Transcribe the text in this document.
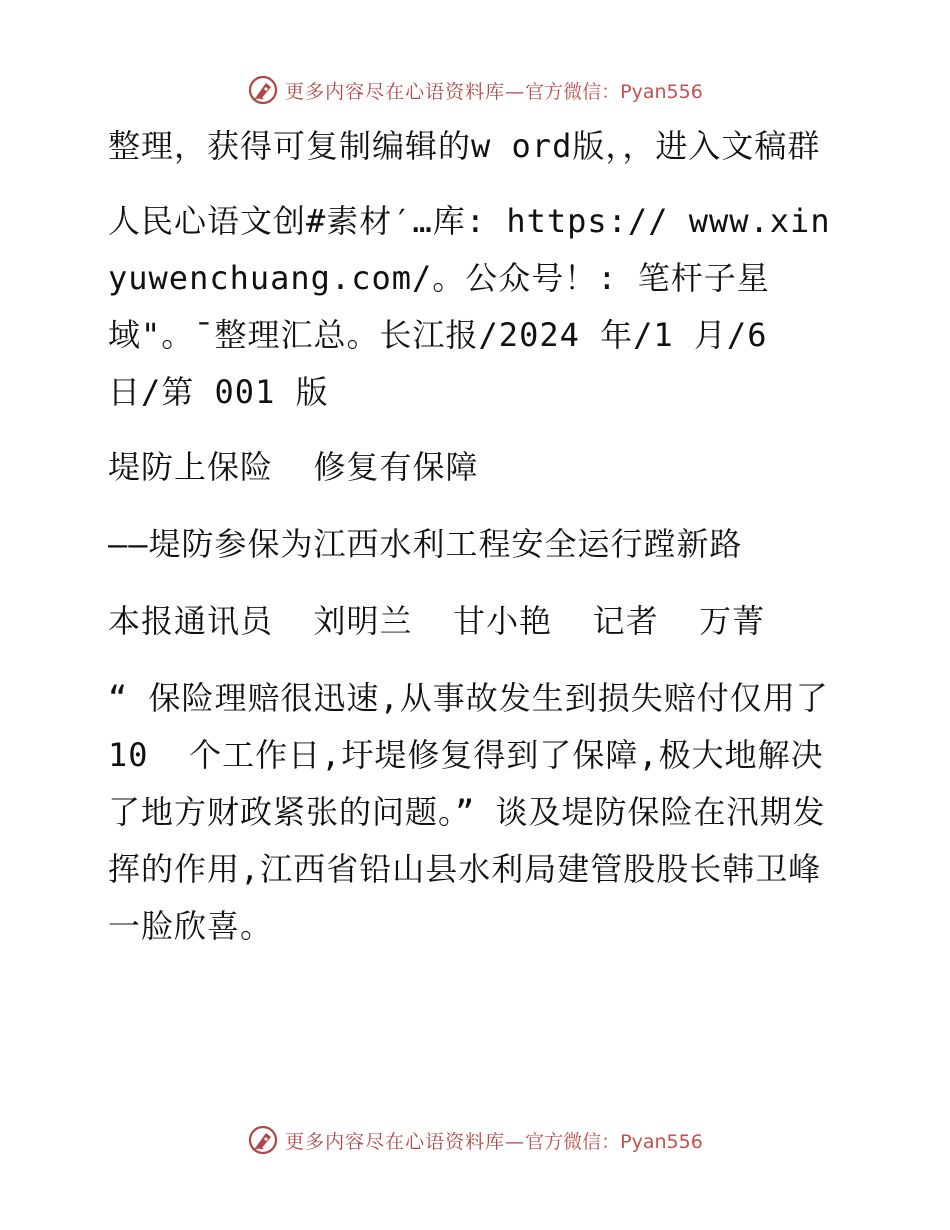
更多内容尽在心语资料库—官方微信：Pyan556

整理，获得可复制编辑的w ord版，，进入文稿群

人民心语文创#素材′…库: https:// www.xinyuwenchuang.com/。公众号！: 笔杆子星域"。¯整理汇总。长江报/2024 年/1 月/6 日/第 001 版

堤防上保险  修复有保障

——堤防参保为江西水利工程安全运行蹚新路

本报通讯员  刘明兰  甘小艳  记者  万菁

“ 保险理赔很迅速,从事故发生到损失赔付仅用了 10  个工作日,圩堤修复得到了保障,极大地解决了地方财政紧张的问题。” 谈及堤防保险在汛期发挥的作用,江西省铅山县水利局建管股股长韩卫峰一脸欣喜。

更多内容尽在心语资料库—官方微信：Pyan556
